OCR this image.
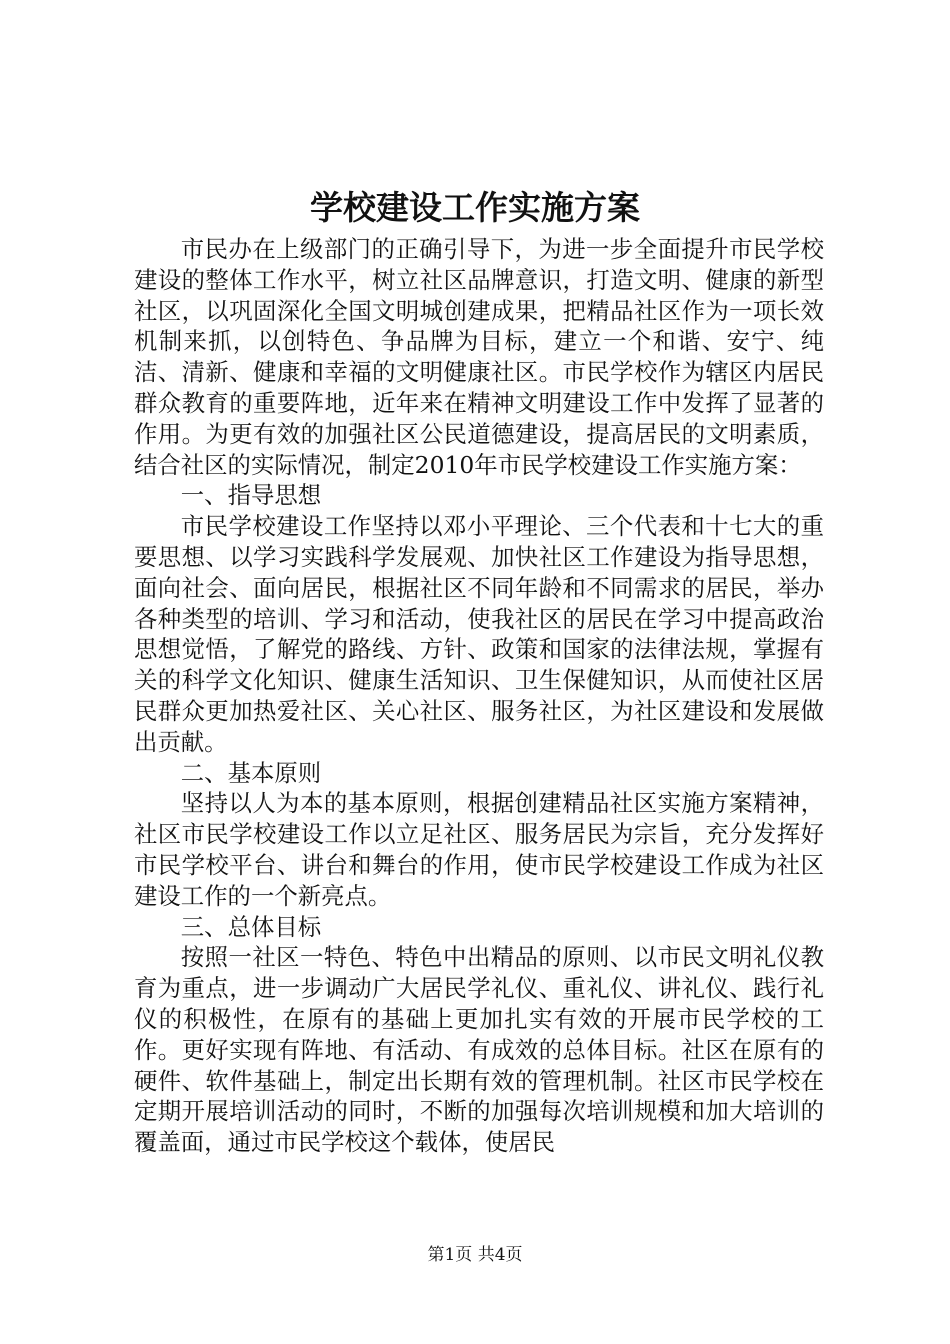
学校建设工作实施方案

市民办在上级部门的正确引导下，为进一步全面提升市民学校建设的整体工作水平，树立社区品牌意识，打造文明、健康的新型社区，以巩固深化全国文明城创建成果，把精品社区作为一项长效机制来抓，以创特色、争品牌为目标，建立一个和谐、安宁、纯洁、清新、健康和幸福的文明健康社区。市民学校作为辖区内居民群众教育的重要阵地，近年来在精神文明建设工作中发挥了显著的作用。为更有效的加强社区公民道德建设，提高居民的文明素质，结合社区的实际情况，制定2010年市民学校建设工作实施方案：

一、指导思想

市民学校建设工作坚持以邓小平理论、三个代表和十七大的重要思想、以学习实践科学发展观、加快社区工作建设为指导思想，面向社会、面向居民，根据社区不同年龄和不同需求的居民，举办各种类型的培训、学习和活动，使我社区的居民在学习中提高政治思想觉悟，了解党的路线、方针、政策和国家的法律法规，掌握有关的科学文化知识、健康生活知识、卫生保健知识，从而使社区居民群众更加热爱社区、关心社区、服务社区，为社区建设和发展做出贡献。

二、基本原则

坚持以人为本的基本原则，根据创建精品社区实施方案精神，社区市民学校建设工作以立足社区、服务居民为宗旨，充分发挥好市民学校平台、讲台和舞台的作用，使市民学校建设工作成为社区建设工作的一个新亮点。

三、总体目标

按照一社区一特色、特色中出精品的原则、以市民文明礼仪教育为重点，进一步调动广大居民学礼仪、重礼仪、讲礼仪、践行礼仪的积极性，在原有的基础上更加扎实有效的开展市民学校的工作。更好实现有阵地、有活动、有成效的总体目标。社区在原有的硬件、软件基础上，制定出长期有效的管理机制。社区市民学校在定期开展培训活动的同时，不断的加强每次培训规模和加大培训的覆盖面，通过市民学校这个载体，使居民

第1页 共4页
